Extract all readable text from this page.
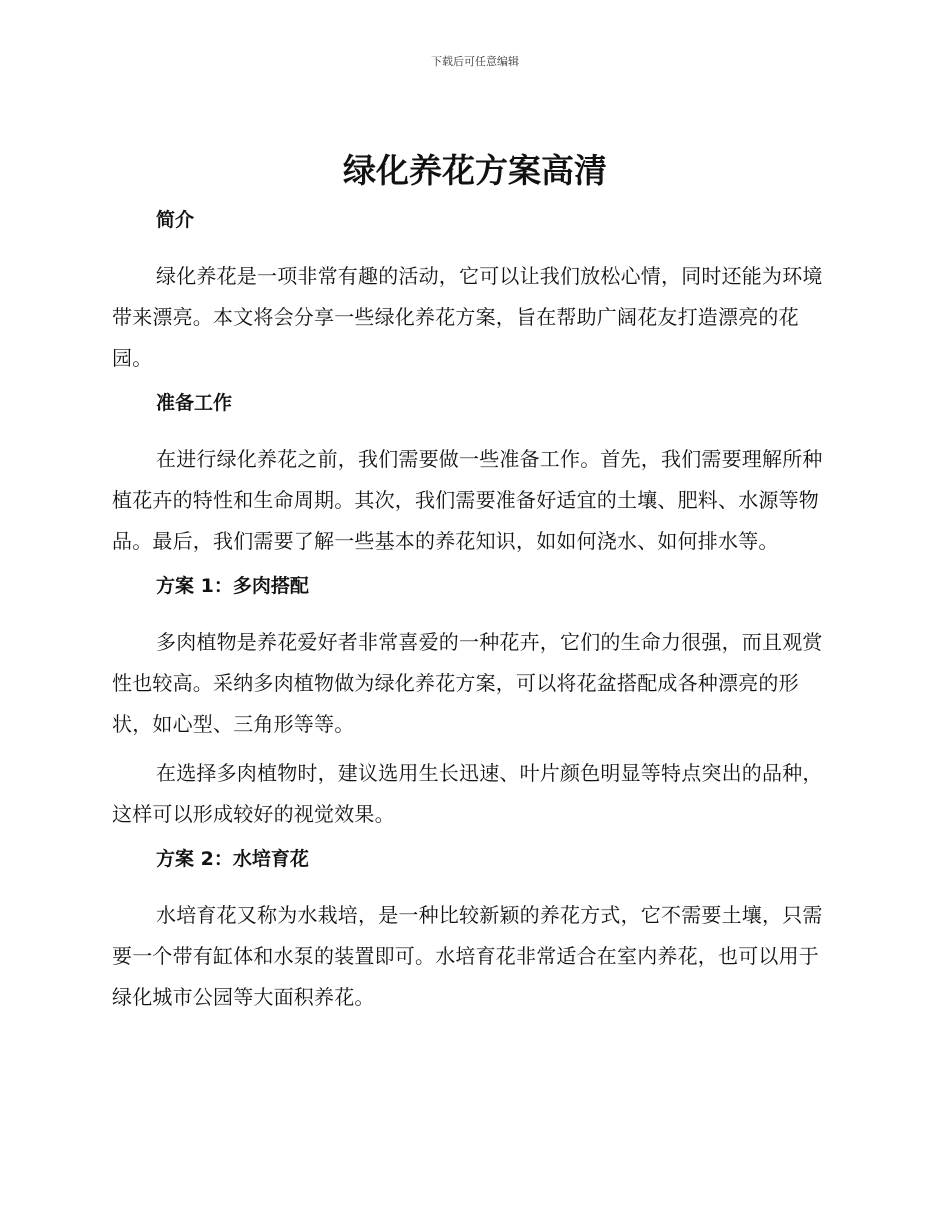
下载后可任意编辑
绿化养花方案高清
简介

绿化养花是一项非常有趣的活动，它可以让我们放松心情，同时还能为环境带来漂亮。本文将会分享一些绿化养花方案，旨在帮助广阔花友打造漂亮的花园。

准备工作

在进行绿化养花之前，我们需要做一些准备工作。首先，我们需要理解所种植花卉的特性和生命周期。其次，我们需要准备好适宜的土壤、肥料、水源等物品。最后，我们需要了解一些基本的养花知识，如如何浇水、如何排水等。

方案 1：多肉搭配

多肉植物是养花爱好者非常喜爱的一种花卉，它们的生命力很强，而且观赏性也较高。采纳多肉植物做为绿化养花方案，可以将花盆搭配成各种漂亮的形状，如心型、三角形等等。

在选择多肉植物时，建议选用生长迅速、叶片颜色明显等特点突出的品种，这样可以形成较好的视觉效果。

方案 2：水培育花

水培育花又称为水栽培，是一种比较新颖的养花方式，它不需要土壤，只需要一个带有缸体和水泵的装置即可。水培育花非常适合在室内养花，也可以用于绿化城市公园等大面积养花。
